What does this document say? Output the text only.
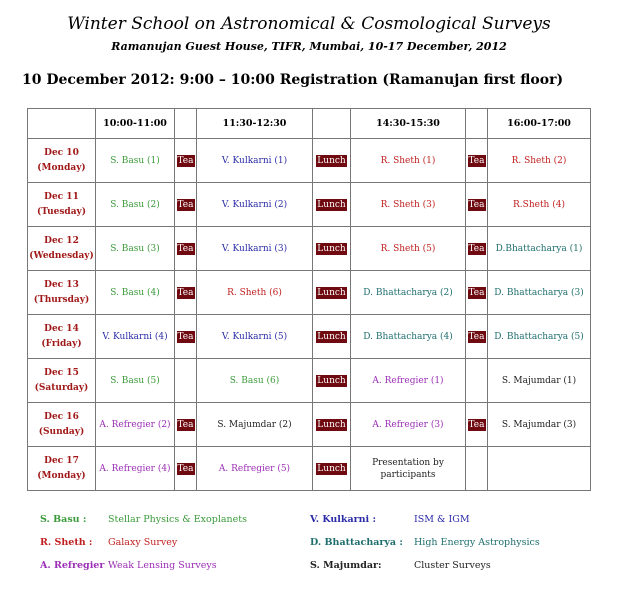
Winter School on Astronomical & Cosmological Surveys
Ramanujan Guest House, TIFR, Mumbai, 10-17 December, 2012
10 December 2012: 9:00 – 10:00 Registration (Ramanujan first floor)
	10:00-11:00		11:30-12:30		14:30-15:30		16:00-17:00
Dec 10
(Monday)	S. Basu (1)	Tea	V. Kulkarni (1)	Lunch	R. Sheth (1)	Tea	R. Sheth (2)
Dec 11
(Tuesday)	S. Basu (2)	Tea	V. Kulkarni (2)	Lunch	R. Sheth (3)	Tea	R.Sheth (4)
Dec 12
(Wednesday)	S. Basu (3)	Tea	V. Kulkarni (3)	Lunch	R. Sheth (5)	Tea	D.Bhattacharya (1)
Dec 13
(Thursday)	S. Basu (4)	Tea	R. Sheth (6)	Lunch	D. Bhattacharya (2)	Tea	D. Bhattacharya (3)
Dec 14
(Friday)	V. Kulkarni (4)	Tea	V. Kulkarni (5)	Lunch	D. Bhattacharya (4)	Tea	D. Bhattacharya (5)
Dec 15
(Saturday)	S. Basu (5)		S. Basu (6)	Lunch	A. Refregier (1)		S. Majumdar (1)
Dec 16
(Sunday)	A. Refregier (2)	Tea	S. Majumdar (2)	Lunch	A. Refregier (3)	Tea	S. Majumdar (3)
Dec 17
(Monday)	A. Refregier (4)	Tea	A. Refregier (5)	Lunch	Presentation by participants		
S. Basu : Stellar Physics & Exoplanets	V. Kulkarni :	ISM & IGM
R. Sheth : Galaxy Survey	D. Bhattacharya : High Energy Astrophysics
A. Refregier Weak Lensing Surveys	S. Majumdar:	Cluster Surveys
